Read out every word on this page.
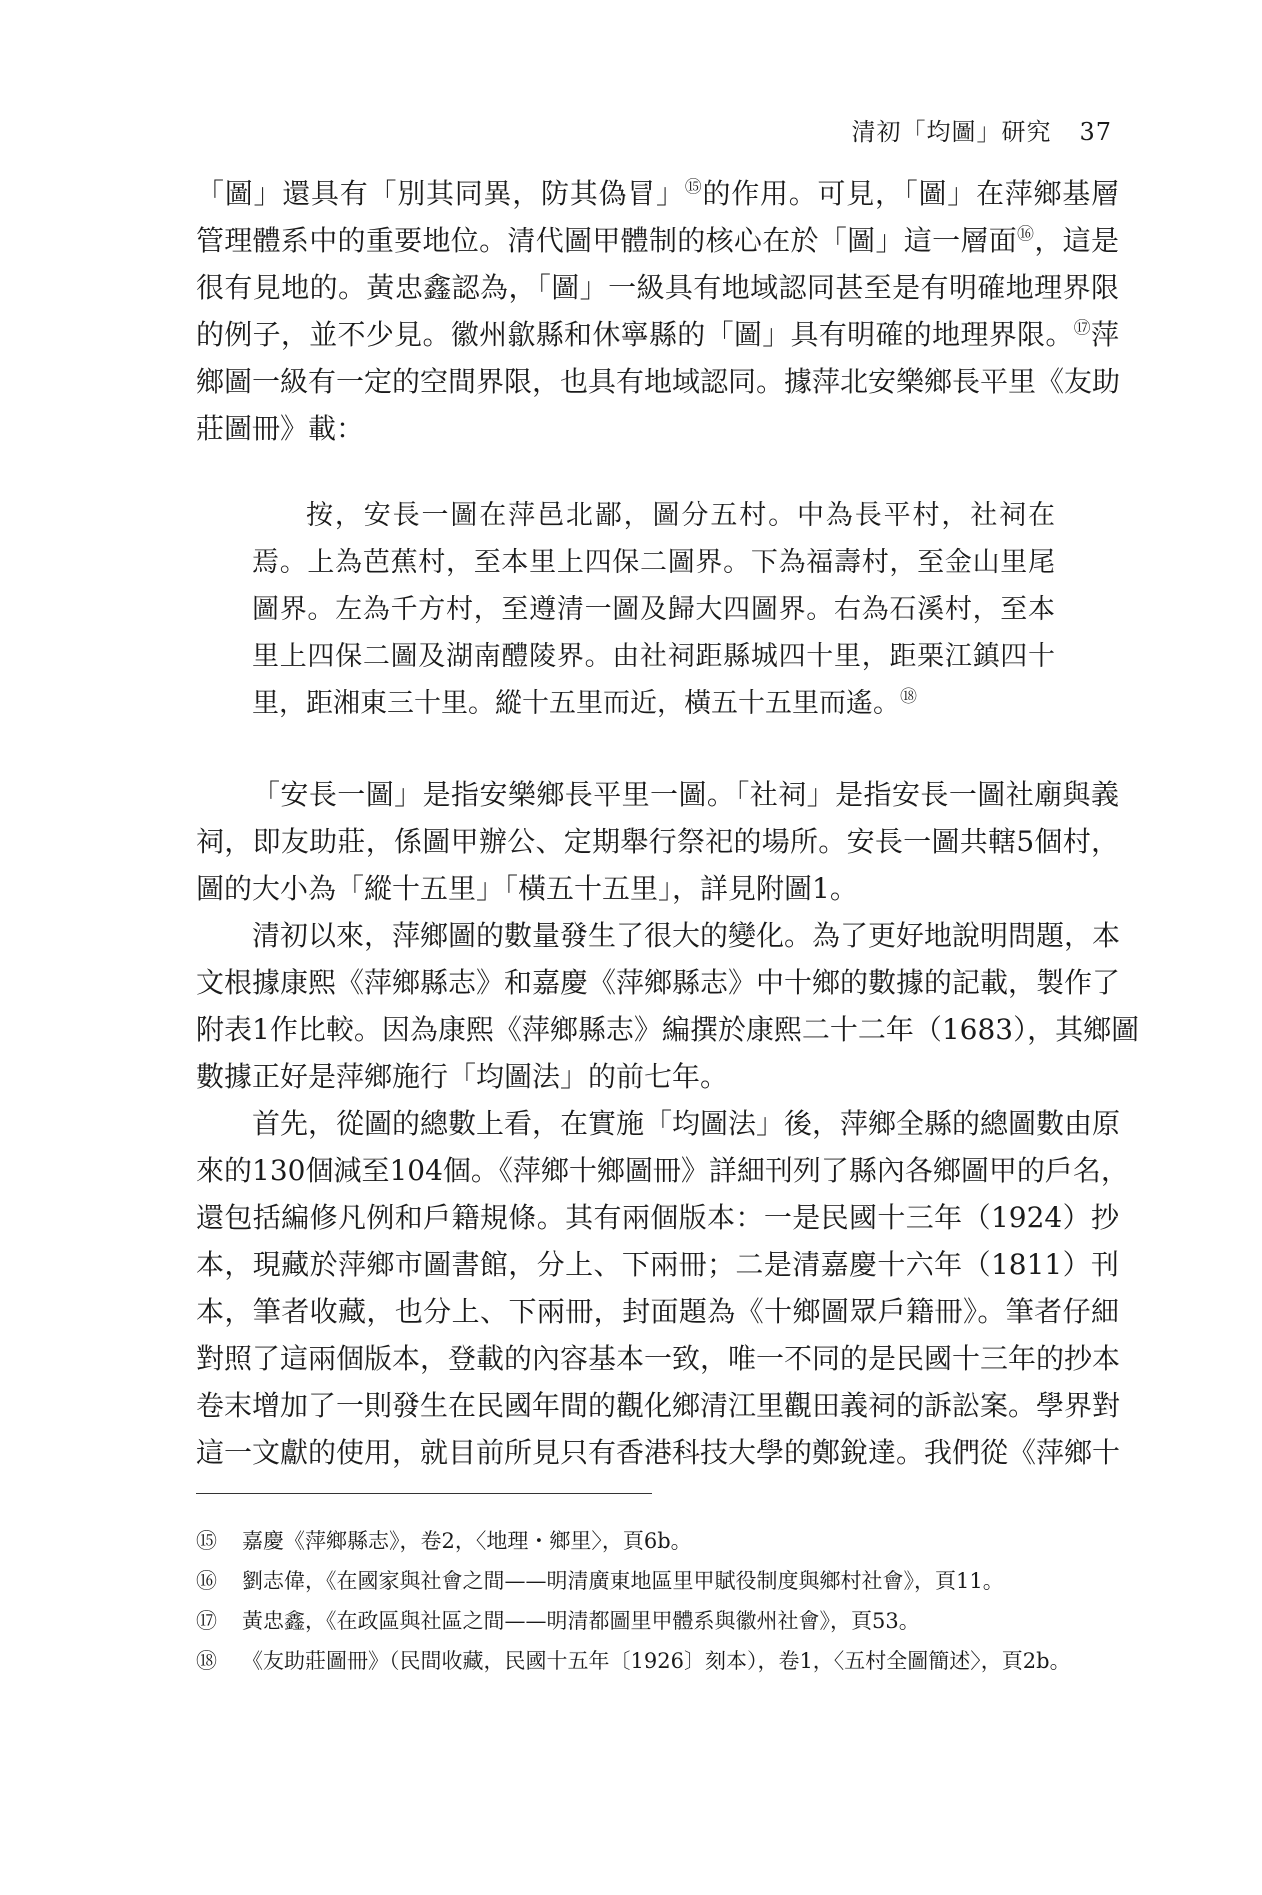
清初「均圖」研究 37
「圖」還具有「別其同異，防其偽冒」⑮的作用。可見，「圖」在萍鄉基層
管理體系中的重要地位。清代圖甲體制的核心在於「圖」這一層面⑯，這是
很有見地的。黃忠鑫認為，「圖」一級具有地域認同甚至是有明確地理界限
的例子，並不少見。徽州歙縣和休寧縣的「圖」具有明確的地理界限。⑰萍
鄉圖一級有一定的空間界限，也具有地域認同。據萍北安樂鄉長平里《友助
莊圖冊》載：
按，安長一圖在萍邑北鄙，圖分五村。中為長平村，社祠在
焉。上為芭蕉村，至本里上四保二圖界。下為福壽村，至金山里尾
圖界。左為千方村，至遵清一圖及歸大四圖界。右為石溪村，至本
里上四保二圖及湖南醴陵界。由社祠距縣城四十里，距栗江鎮四十
里，距湘東三十里。縱十五里而近，橫五十五里而遙。⑱
「安長一圖」是指安樂鄉長平里一圖。「社祠」是指安長一圖社廟與義
祠，即友助莊，係圖甲辦公、定期舉行祭祀的場所。安長一圖共轄5個村，
圖的大小為「縱十五里」「橫五十五里」，詳見附圖1。
清初以來，萍鄉圖的數量發生了很大的變化。為了更好地說明問題，本
文根據康熙《萍鄉縣志》和嘉慶《萍鄉縣志》中十鄉的數據的記載，製作了
附表1作比較。因為康熙《萍鄉縣志》編撰於康熙二十二年（1683），其鄉圖
數據正好是萍鄉施行「均圖法」的前七年。
首先，從圖的總數上看，在實施「均圖法」後，萍鄉全縣的總圖數由原
來的130個減至104個。《萍鄉十鄉圖冊》詳細刊列了縣內各鄉圖甲的戶名，
還包括編修凡例和戶籍規條。其有兩個版本：一是民國十三年（1924）抄
本，現藏於萍鄉市圖書館，分上、下兩冊；二是清嘉慶十六年（1811）刊
本，筆者收藏，也分上、下兩冊，封面題為《十鄉圖眾戶籍冊》。筆者仔細
對照了這兩個版本，登載的內容基本一致，唯一不同的是民國十三年的抄本
卷末增加了一則發生在民國年間的觀化鄉清江里觀田義祠的訴訟案。學界對
這一文獻的使用，就目前所見只有香港科技大學的鄭銳達。我們從《萍鄉十
⑮ 嘉慶《萍鄉縣志》，卷2，〈地理・鄉里〉，頁6b。
⑯ 劉志偉，《在國家與社會之間——明清廣東地區里甲賦役制度與鄉村社會》，頁11。
⑰ 黃忠鑫，《在政區與社區之間——明清都圖里甲體系與徽州社會》，頁53。
⑱ 《友助莊圖冊》（民間收藏，民國十五年〔1926〕刻本），卷1，〈五村全圖簡述〉，頁2b。
